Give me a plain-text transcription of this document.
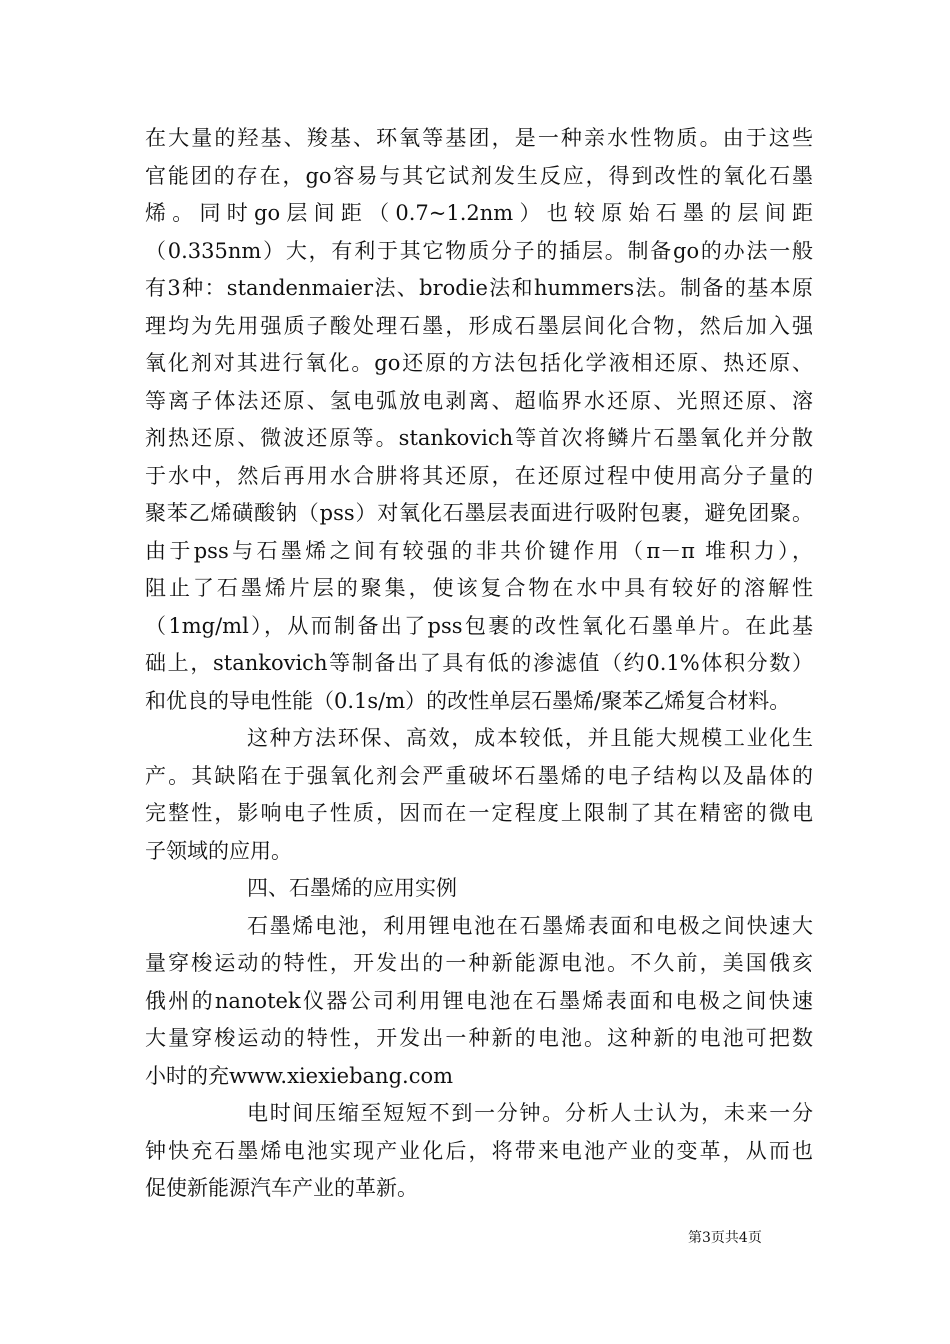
在大量的羟基、羧基、环氧等基团，是一种亲水性物质。由于这些
官能团的存在，go容易与其它试剂发生反应，得到改性的氧化石墨
烯。同时go层间距（0.7~1.2nm）也较原始石墨的层间距
（0.335nm）大，有利于其它物质分子的插层。制备go的办法一般
有3种：standenmaier法、brodie法和hummers法。制备的基本原
理均为先用强质子酸处理石墨，形成石墨层间化合物，然后加入强
氧化剂对其进行氧化。go还原的方法包括化学液相还原、热还原、
等离子体法还原、氢电弧放电剥离、超临界水还原、光照还原、溶
剂热还原、微波还原等。stankovich等首次将鳞片石墨氧化并分散
于水中，然后再用水合肼将其还原，在还原过程中使用高分子量的
聚苯乙烯磺酸钠（pss）对氧化石墨层表面进行吸附包裹，避免团聚。
由于pss与石墨烯之间有较强的非共价键作用（π－π 堆积力），
阻止了石墨烯片层的聚集，使该复合物在水中具有较好的溶解性
（1mg/ml），从而制备出了pss包裹的改性氧化石墨单片。在此基
础上，stankovich等制备出了具有低的渗滤值（约0.1%体积分数）
和优良的导电性能（0.1s/m）的改性单层石墨烯/聚苯乙烯复合材料。
这种方法环保、高效，成本较低，并且能大规模工业化生
产。其缺陷在于强氧化剂会严重破坏石墨烯的电子结构以及晶体的
完整性，影响电子性质，因而在一定程度上限制了其在精密的微电
子领域的应用。
四、石墨烯的应用实例
石墨烯电池，利用锂电池在石墨烯表面和电极之间快速大
量穿梭运动的特性，开发出的一种新能源电池。不久前，美国俄亥
俄州的nanotek仪器公司利用锂电池在石墨烯表面和电极之间快速
大量穿梭运动的特性，开发出一种新的电池。这种新的电池可把数
小时的充www.xiexiebang.com
电时间压缩至短短不到一分钟。分析人士认为，未来一分
钟快充石墨烯电池实现产业化后，将带来电池产业的变革，从而也
促使新能源汽车产业的革新。
第3页共4页
